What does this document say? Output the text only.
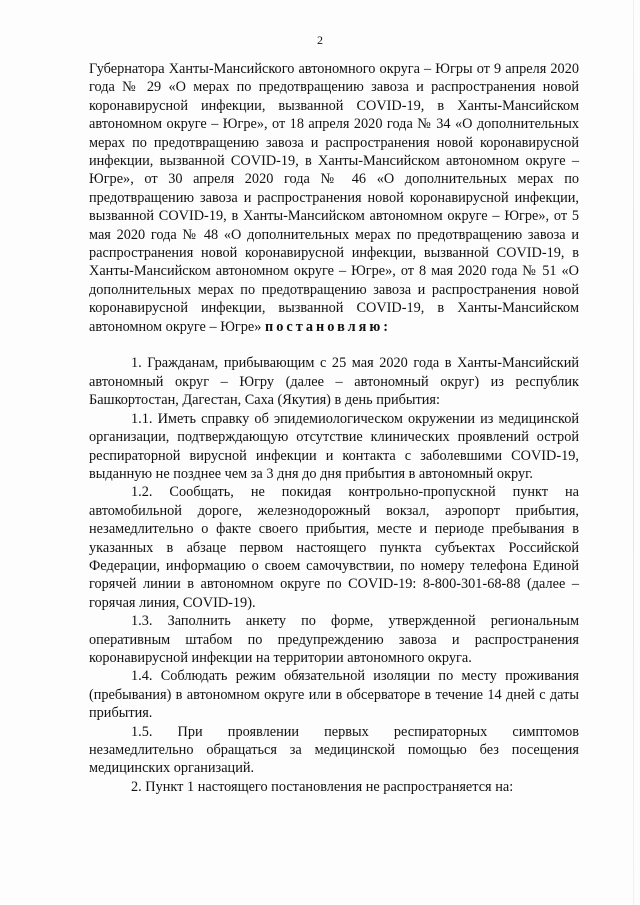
2

Губернатора Ханты-Мансийского автономного округа – Югры от 9 апреля 2020 года № 29 «О мерах по предотвращению завоза и распространения новой коронавирусной инфекции, вызванной COVID-19, в Ханты-Мансийском автономном округе – Югре», от 18 апреля 2020 года № 34 «О дополнительных мерах по предотвращению завоза и распространения новой коронавирусной инфекции, вызванной COVID-19, в Ханты-Мансийском автономном округе – Югре», от 30 апреля 2020 года № 46 «О дополнительных мерах по предотвращению завоза и распространения новой коронавирусной инфекции, вызванной COVID-19, в Ханты-Мансийском автономном округе – Югре», от 5 мая 2020 года № 48 «О дополнительных мерах по предотвращению завоза и распространения новой коронавирусной инфекции, вызванной COVID-19, в Ханты-Мансийском автономном округе – Югре», от 8 мая 2020 года № 51 «О дополнительных мерах по предотвращению завоза и распространения новой коронавирусной инфекции, вызванной COVID-19, в Ханты-Мансийском автономном округе – Югре» постановляю:

1. Гражданам, прибывающим с 25 мая 2020 года в Ханты-Мансийский автономный округ – Югру (далее – автономный округ) из республик Башкортостан, Дагестан, Саха (Якутия) в день прибытия:

1.1. Иметь справку об эпидемиологическом окружении из медицинской организации, подтверждающую отсутствие клинических проявлений острой респираторной вирусной инфекции и контакта с заболевшими COVID-19, выданную не позднее чем за 3 дня до дня прибытия в автономный округ.

1.2. Сообщать, не покидая контрольно-пропускной пункт на автомобильной дороге, железнодорожный вокзал, аэропорт прибытия, незамедлительно о факте своего прибытия, месте и периоде пребывания в указанных в абзаце первом настоящего пункта субъектах Российской Федерации, информацию о своем самочувствии, по номеру телефона Единой горячей линии в автономном округе по COVID-19: 8-800-301-68-88 (далее – горячая линия, COVID-19).

1.3. Заполнить анкету по форме, утвержденной региональным оперативным штабом по предупреждению завоза и распространения коронавирусной инфекции на территории автономного округа.

1.4. Соблюдать режим обязательной изоляции по месту проживания (пребывания) в автономном округе или в обсерваторе в течение 14 дней с даты прибытия.

1.5. При проявлении первых респираторных симптомов незамедлительно обращаться за медицинской помощью без посещения медицинских организаций.

2. Пункт 1 настоящего постановления не распространяется на:
